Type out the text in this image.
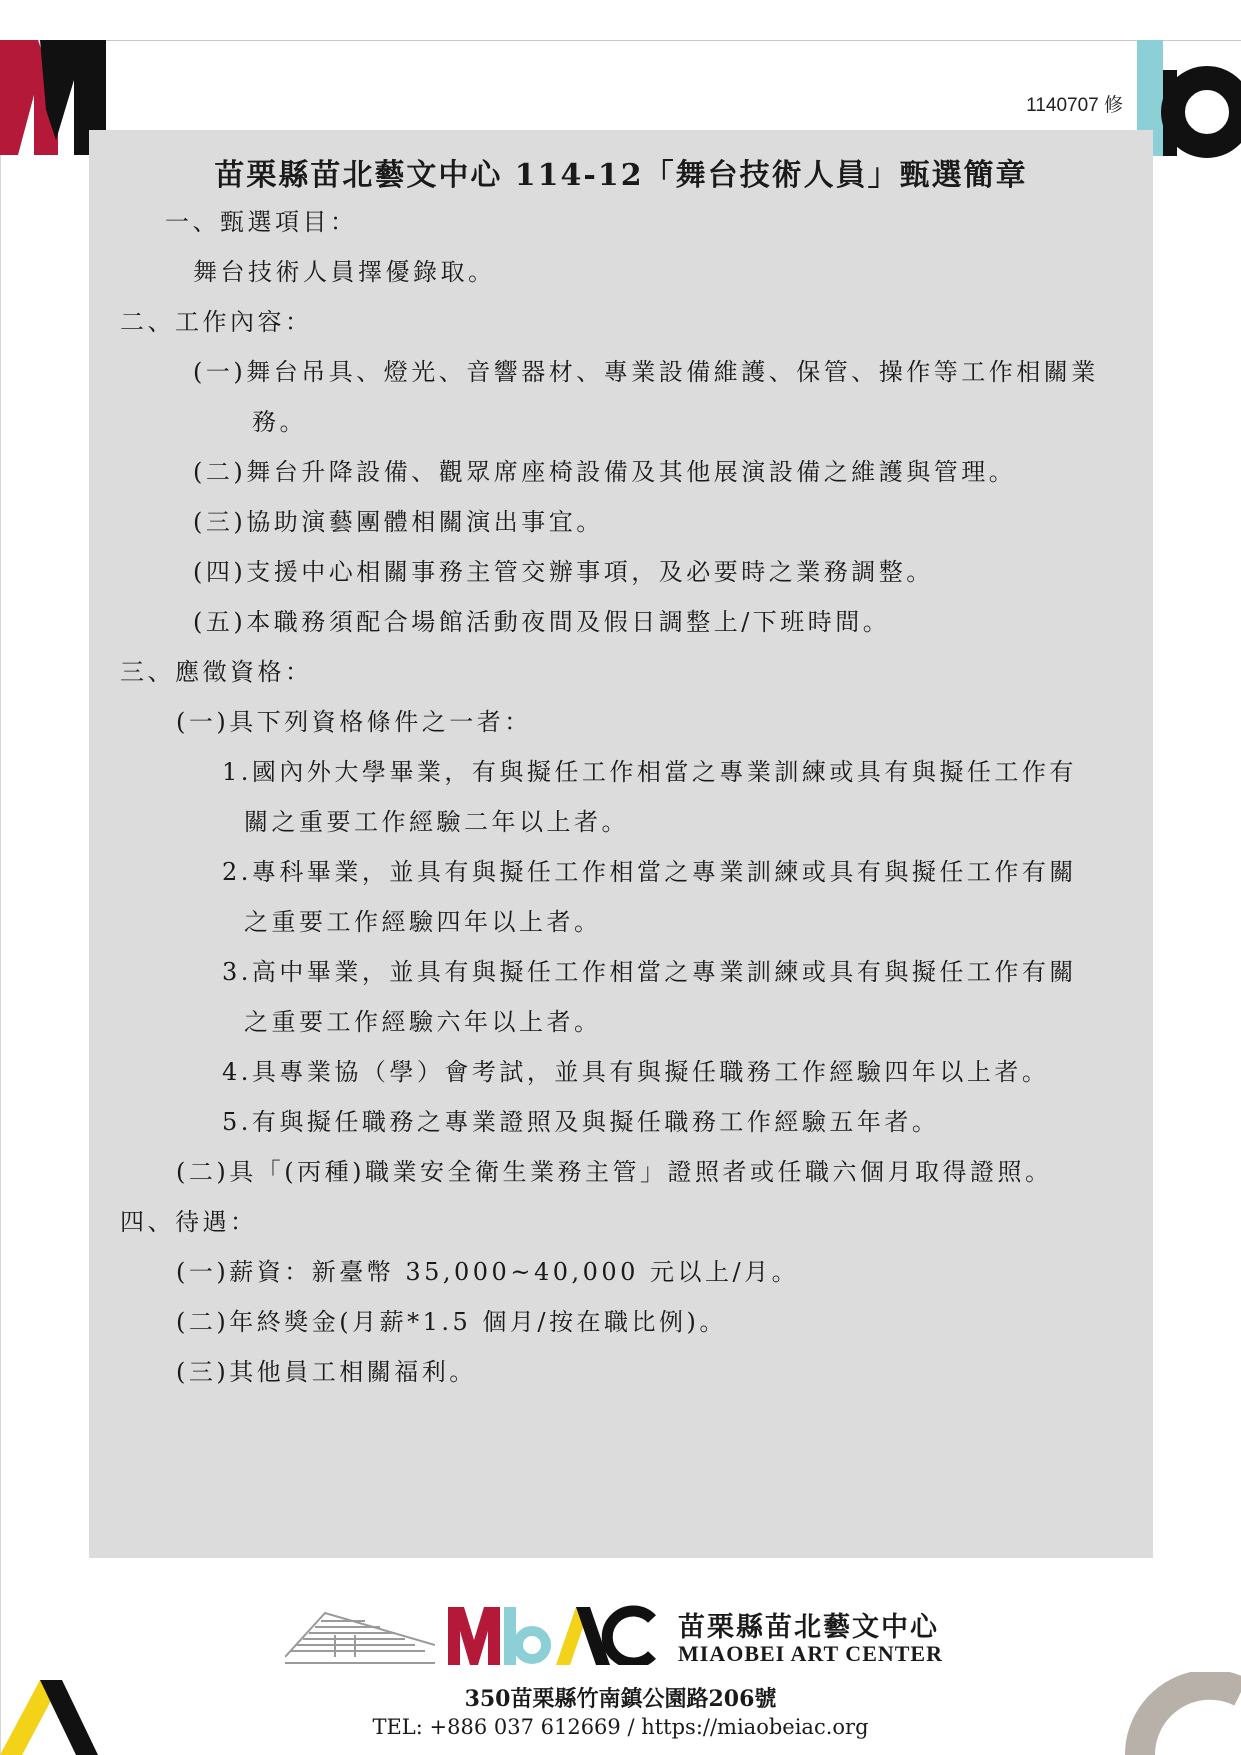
1140707 修
苗栗縣苗北藝文中心 114-12「舞台技術人員」甄選簡章
一、甄選項目：
舞台技術人員擇優錄取。
二、工作內容：
(一)舞台吊具、燈光、音響器材、專業設備維護、保管、操作等工作相關業
務。
(二)舞台升降設備、觀眾席座椅設備及其他展演設備之維護與管理。
(三)協助演藝團體相關演出事宜。
(四)支援中心相關事務主管交辦事項，及必要時之業務調整。
(五)本職務須配合場館活動夜間及假日調整上/下班時間。
三、應徵資格：
(一)具下列資格條件之一者：
1.國內外大學畢業，有與擬任工作相當之專業訓練或具有與擬任工作有
關之重要工作經驗二年以上者。
2.專科畢業，並具有與擬任工作相當之專業訓練或具有與擬任工作有關
之重要工作經驗四年以上者。
3.高中畢業，並具有與擬任工作相當之專業訓練或具有與擬任工作有關
之重要工作經驗六年以上者。
4.具專業協（學）會考試，並具有與擬任職務工作經驗四年以上者。
5.有與擬任職務之專業證照及與擬任職務工作經驗五年者。
(二)具「(丙種)職業安全衛生業務主管」證照者或任職六個月取得證照。
四、待遇：
(一)薪資：新臺幣 35,000~40,000 元以上/月。
(二)年終獎金(月薪*1.5 個月/按在職比例)。
(三)其他員工相關福利。
苗栗縣苗北藝文中心
MIAOBEI ART CENTER
350苗栗縣竹南鎮公園路206號
TEL: +886 037 612669 / https://miaobeiac.org
